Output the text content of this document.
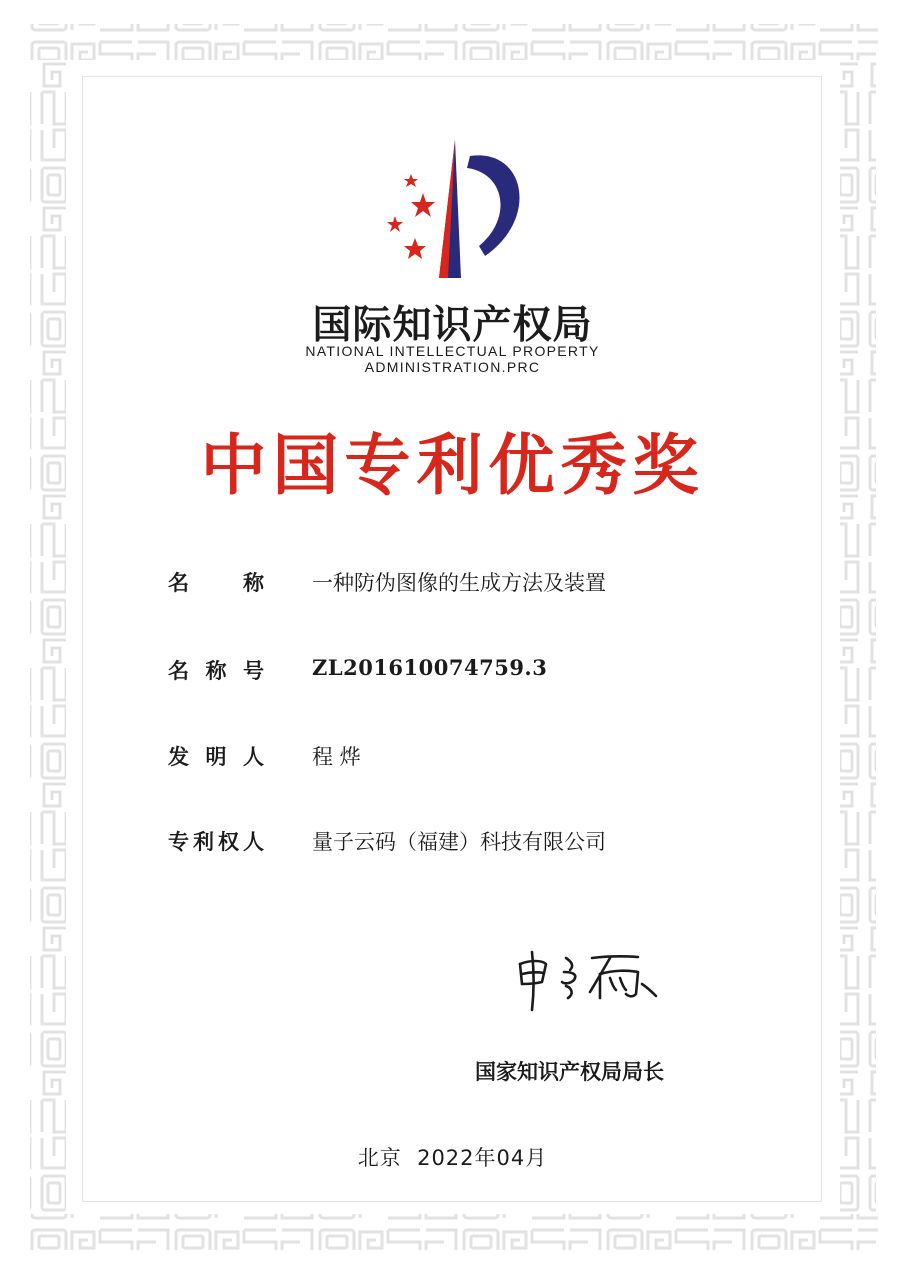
国际知识产权局
NATIONAL INTELLECTUAL PROPERTY
ADMINISTRATION.PRC
中国专利优秀奖
名	称 一种防伪图像的生成方法及装置
名 称 号 ZL201610074759.3
发 明 人 程 烨
专 利 权 人 量子云码（福建）科技有限公司
国家知识产权局局长
北京  2022年04月
